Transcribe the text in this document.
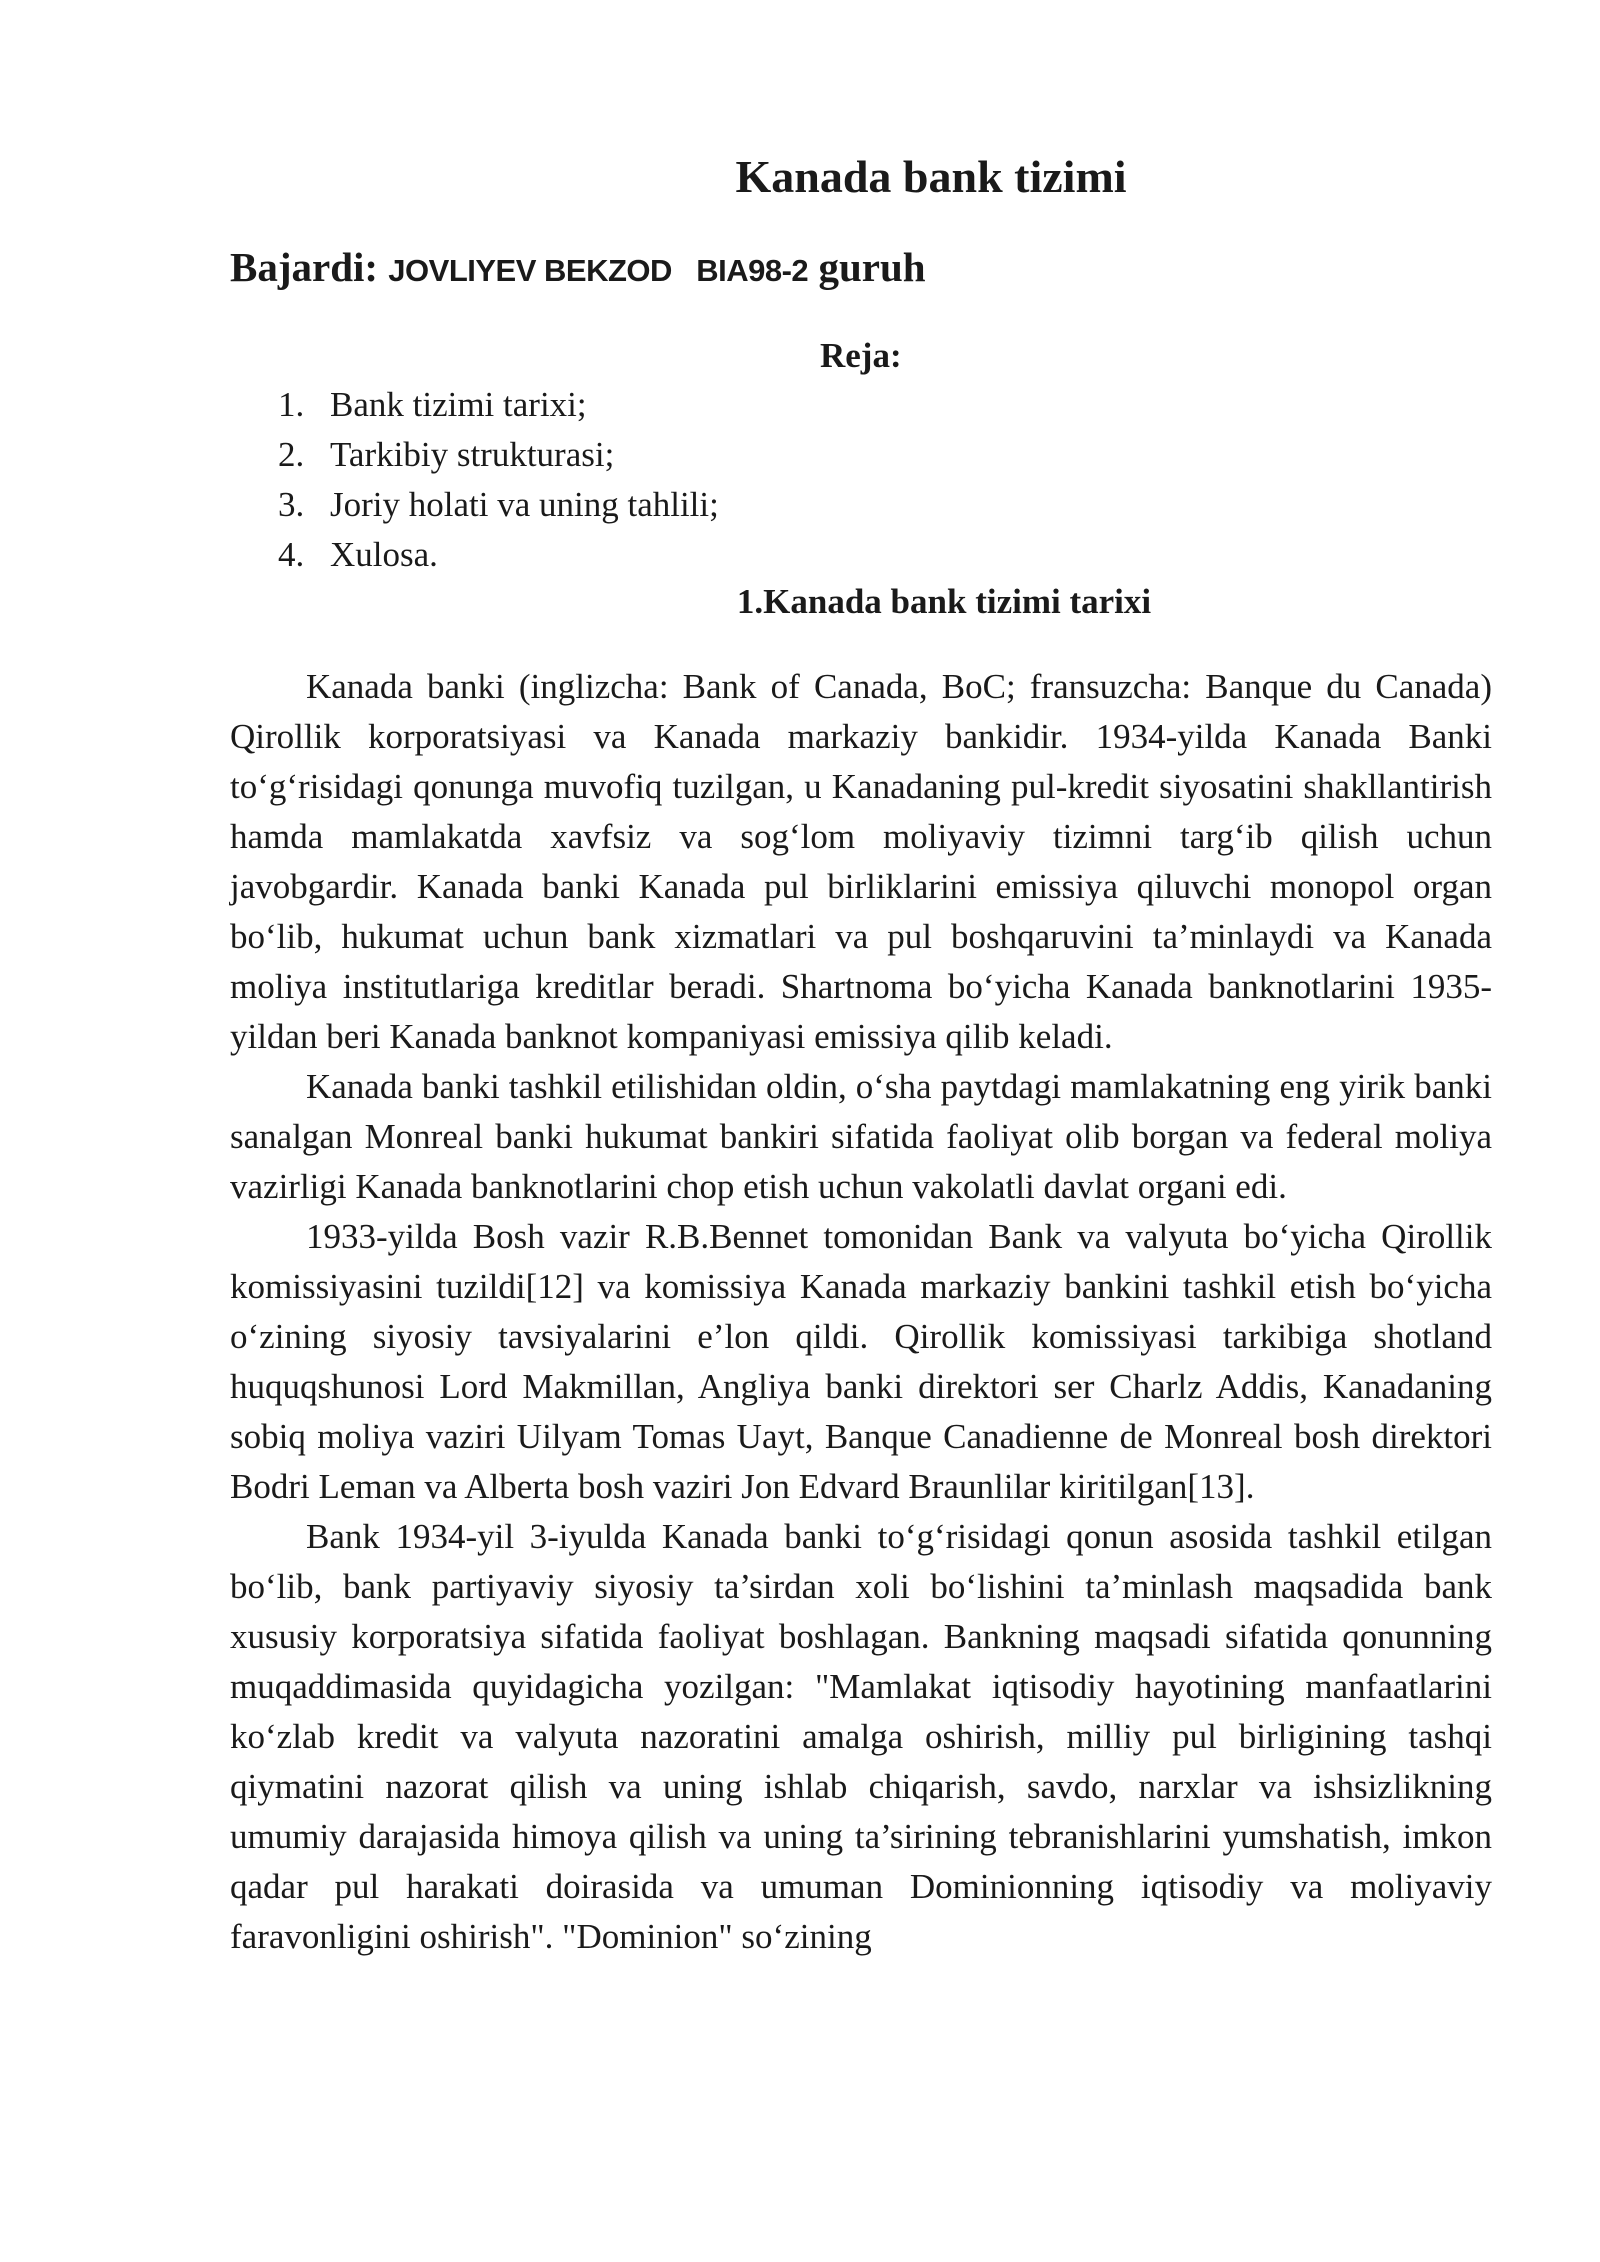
Kanada bank tizimi
Bajardi: JOVLIYEV BEKZOD   BIA98-2 guruh
Reja:
1. Bank tizimi tarixi;
2. Tarkibiy strukturasi;
3. Joriy holati va uning tahlili;
4. Xulosa.
1.Kanada bank tizimi tarixi

Kanada banki (inglizcha: Bank of Canada, BoC; fransuzcha: Banque du Canada) Qirollik korporatsiyasi va Kanada markaziy bankidir. 1934-yilda Kanada Banki to‘g‘risidagi qonunga muvofiq tuzilgan, u Kanadaning pul-kredit siyosatini shakllantirish hamda mamlakatda xavfsiz va sog‘lom moliyaviy tizimni targ‘ib qilish uchun javobgardir. Kanada banki Kanada pul birliklarini emissiya qiluvchi monopol organ bo‘lib, hukumat uchun bank xizmatlari va pul boshqaruvini ta’minlaydi va Kanada moliya institutlariga kreditlar beradi. Shartnoma bo‘yicha Kanada banknotlarini 1935-yildan beri Kanada banknot kompaniyasi emissiya qilib keladi.

Kanada banki tashkil etilishidan oldin, o‘sha paytdagi mamlakatning eng yirik banki sanalgan Monreal banki hukumat bankiri sifatida faoliyat olib borgan va federal moliya vazirligi Kanada banknotlarini chop etish uchun vakolatli davlat organi edi.

1933-yilda Bosh vazir R.B.Bennet tomonidan Bank va valyuta bo‘yicha Qirollik komissiyasini tuzildi[12] va komissiya Kanada markaziy bankini tashkil etish bo‘yicha o‘zining siyosiy tavsiyalarini e’lon qildi. Qirollik komissiyasi tarkibiga shotland huquqshunosi Lord Makmillan, Angliya banki direktori ser Charlz Addis, Kanadaning sobiq moliya vaziri Uilyam Tomas Uayt, Banque Canadienne de Monreal bosh direktori Bodri Leman va Alberta bosh vaziri Jon Edvard Braunlilar kiritilgan[13].

Bank 1934-yil 3-iyulda Kanada banki to‘g‘risidagi qonun asosida tashkil etilgan bo‘lib, bank partiyaviy siyosiy ta’sirdan xoli bo‘lishini ta’minlash maqsadida bank xususiy korporatsiya sifatida faoliyat boshlagan. Bankning maqsadi sifatida qonunning muqaddimasida quyidagicha yozilgan: "Mamlakat iqtisodiy hayotining manfaatlarini ko‘zlab kredit va valyuta nazoratini amalga oshirish, milliy pul birligining tashqi qiymatini nazorat qilish va uning ishlab chiqarish, savdo, narxlar va ishsizlikning umumiy darajasida himoya qilish va uning ta’sirining tebranishlarini yumshatish, imkon qadar pul harakati doirasida va umuman Dominionning iqtisodiy va moliyaviy faravonligini oshirish". "Dominion" so‘zining
